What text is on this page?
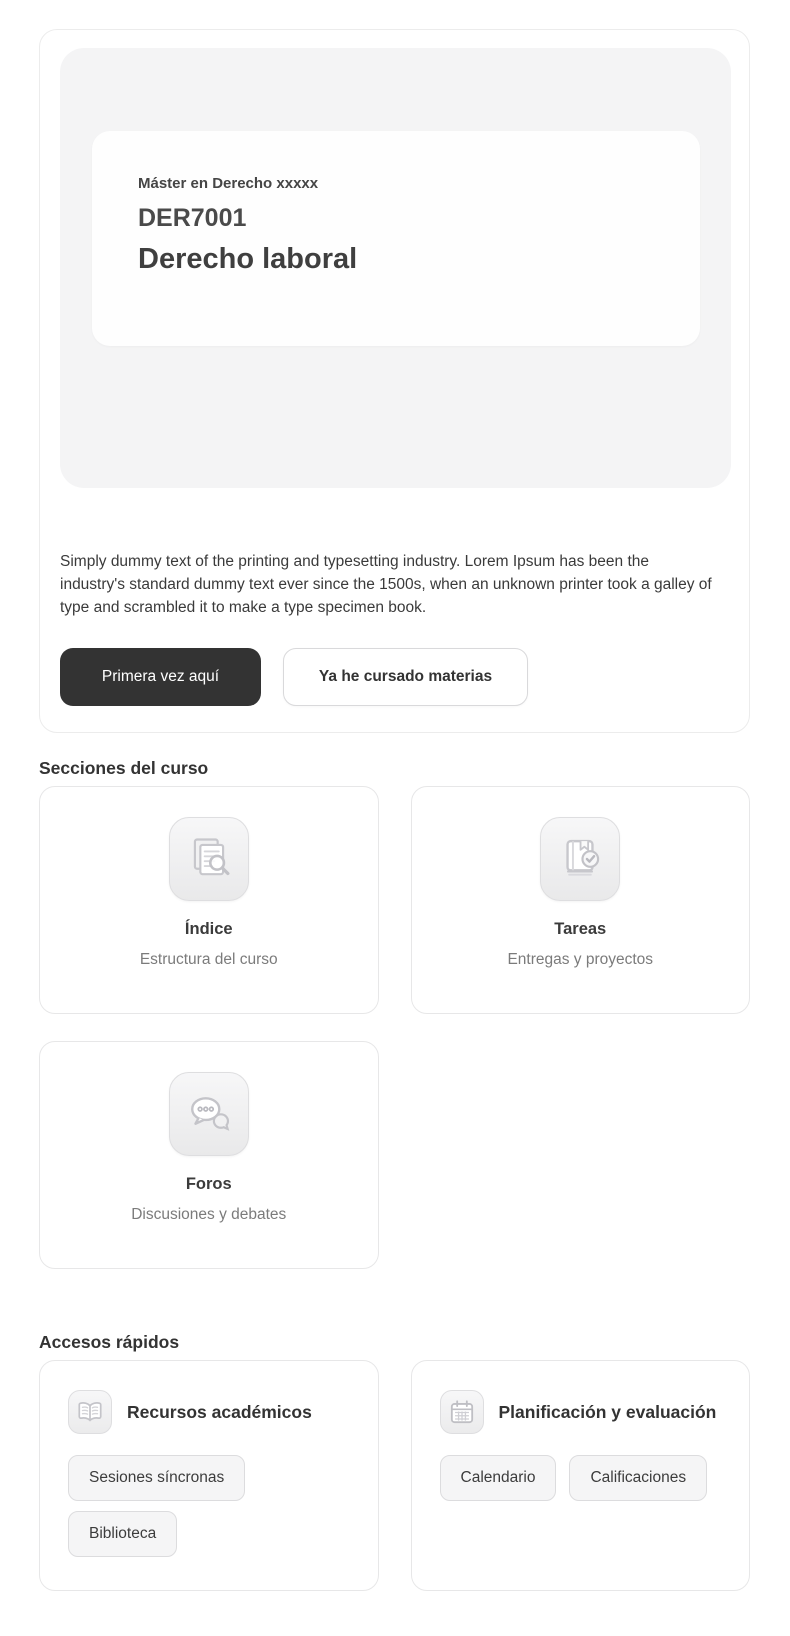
Máster en Derecho xxxxx
DER7001
Derecho laboral

Simply dummy text of the printing and typesetting industry. Lorem Ipsum has been the industry's standard dummy text ever since the 1500s, when an unknown printer took a galley of type and scrambled it to make a type specimen book.

Primera vez aquí	Ya he cursado materias
Secciones del curso
Índice
Estructura del curso
Tareas
Entregas y proyectos
Foros
Discusiones y debates
Accesos rápidos
Recursos académicos
Sesiones síncronas
Biblioteca
Planificación y evaluación
Calendario	Calificaciones
